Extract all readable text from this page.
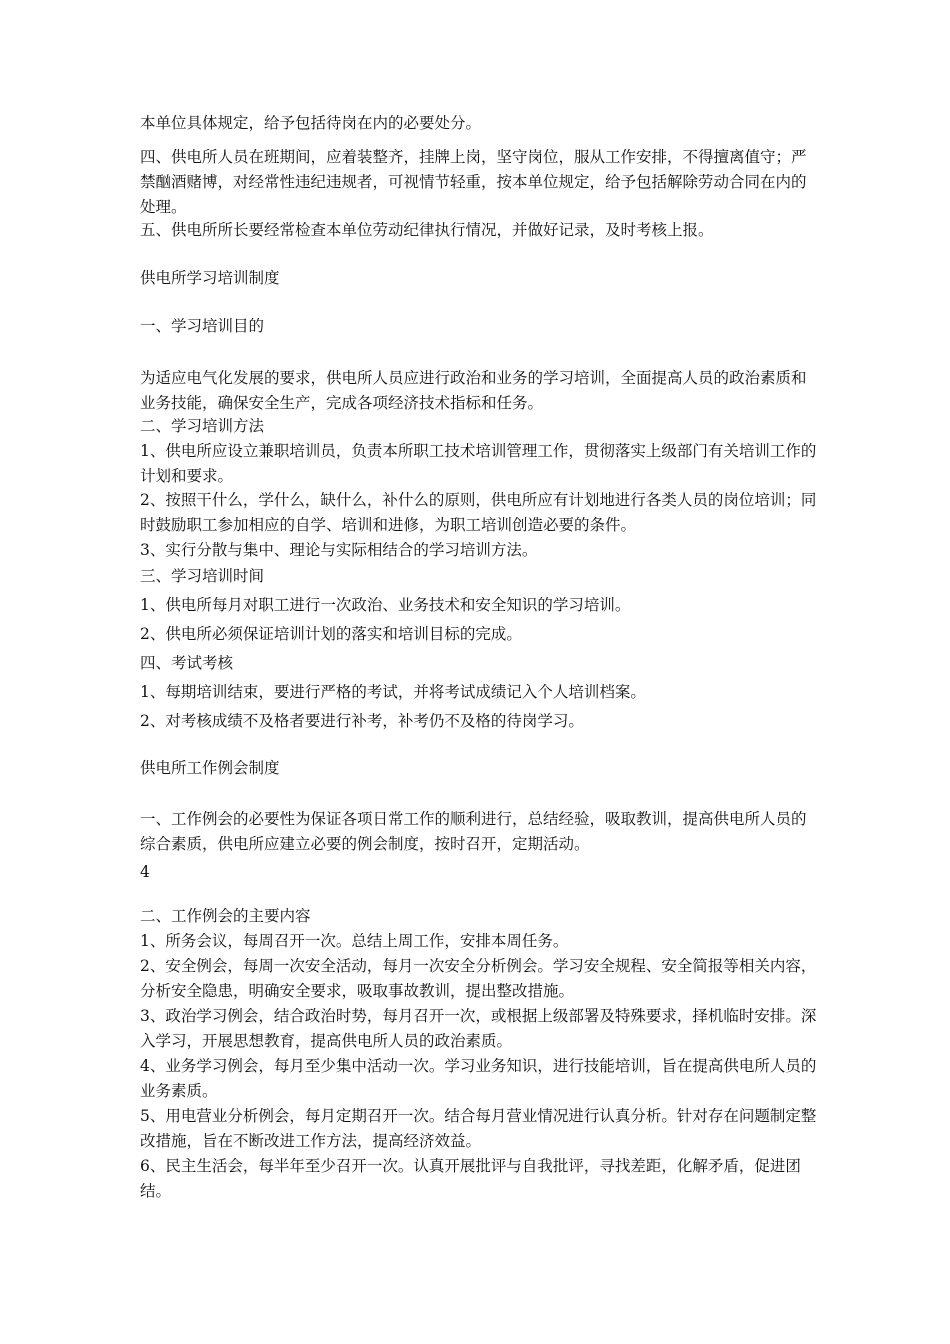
本单位具体规定，给予包括待岗在内的必要处分。

四、供电所人员在班期间，应着装整齐，挂牌上岗，坚守岗位，服从工作安排，不得擅离值守；严禁酗酒赌博，对经常性违纪违规者，可视情节轻重，按本单位规定，给予包括解除劳动合同在内的处理。

五、供电所所长要经常检查本单位劳动纪律执行情况，并做好记录，及时考核上报。

供电所学习培训制度

一、学习培训目的

为适应电气化发展的要求，供电所人员应进行政治和业务的学习培训，全面提高人员的政治素质和业务技能，确保安全生产，完成各项经济技术指标和任务。

二、学习培训方法

1、供电所应设立兼职培训员，负责本所职工技术培训管理工作，贯彻落实上级部门有关培训工作的计划和要求。

2、按照干什么，学什么，缺什么，补什么的原则，供电所应有计划地进行各类人员的岗位培训；同时鼓励职工参加相应的自学、培训和进修，为职工培训创造必要的条件。

3、实行分散与集中、理论与实际相结合的学习培训方法。

三、学习培训时间

1、供电所每月对职工进行一次政治、业务技术和安全知识的学习培训。

2、供电所必须保证培训计划的落实和培训目标的完成。

四、考试考核

1、每期培训结束，要进行严格的考试，并将考试成绩记入个人培训档案。

2、对考核成绩不及格者要进行补考，补考仍不及格的待岗学习。

供电所工作例会制度

一、工作例会的必要性为保证各项日常工作的顺利进行，总结经验，吸取教训，提高供电所人员的综合素质，供电所应建立必要的例会制度，按时召开，定期活动。

4

二、工作例会的主要内容

1、所务会议，每周召开一次。总结上周工作，安排本周任务。

2、安全例会，每周一次安全活动，每月一次安全分析例会。学习安全规程、安全简报等相关内容，分析安全隐患，明确安全要求，吸取事故教训，提出整改措施。

3、政治学习例会，结合政治时势，每月召开一次，或根据上级部署及特殊要求，择机临时安排。深入学习，开展思想教育，提高供电所人员的政治素质。

4、业务学习例会，每月至少集中活动一次。学习业务知识，进行技能培训，旨在提高供电所人员的业务素质。

5、用电营业分析例会，每月定期召开一次。结合每月营业情况进行认真分析。针对存在问题制定整改措施，旨在不断改进工作方法，提高经济效益。

6、民主生活会，每半年至少召开一次。认真开展批评与自我批评，寻找差距，化解矛盾，促进团结。
